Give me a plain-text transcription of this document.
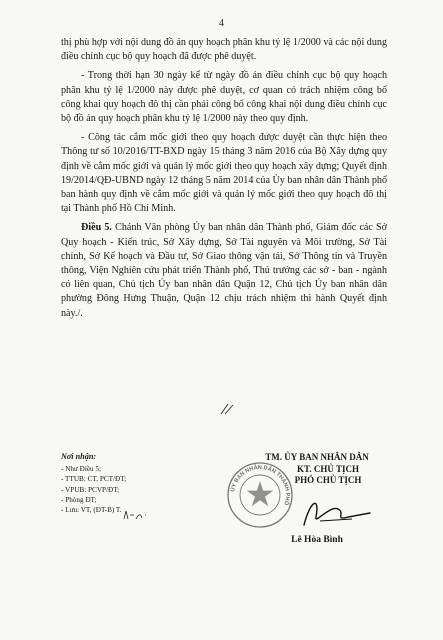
4

thị phù hợp với nội dung đồ án quy hoạch phân khu tỷ lệ 1/2000 và các nội dung điều chỉnh cục bộ quy hoạch đã được phê duyệt.

- Trong thời hạn 30 ngày kể từ ngày đồ án điều chỉnh cục bộ quy hoạch phân khu tỷ lệ 1/2000 này được phê duyệt, cơ quan có trách nhiệm công bố công khai quy hoạch đô thị cần phải công bố công khai nội dung điều chỉnh cục bộ đồ án quy hoạch phân khu tỷ lệ 1/2000 này theo quy định.

- Công tác cắm mốc giới theo quy hoạch được duyệt cần thực hiện theo Thông tư số 10/2016/TT-BXD ngày 15 tháng 3 năm 2016 của Bộ Xây dựng quy định về cắm mốc giới và quản lý mốc giới theo quy hoạch xây dựng; Quyết định 19/2014/QĐ-UBND ngày 12 tháng 5 năm 2014 của Ủy ban nhân dân Thành phố ban hành quy định về cắm mốc giới và quản lý mốc giới theo quy hoạch đô thị tại Thành phố Hồ Chí Minh.

Điều 5. Chánh Văn phòng Ủy ban nhân dân Thành phố, Giám đốc các Sở Quy hoạch - Kiến trúc, Sở Xây dựng, Sở Tài nguyên và Môi trường, Sở Tài chính, Sở Kế hoạch và Đầu tư, Sở Giao thông vận tải, Sở Thông tin và Truyền thông, Viện Nghiên cứu phát triển Thành phố, Thủ trưởng các sở - ban - ngành có liên quan, Chủ tịch Ủy ban nhân dân Quận 12, Chủ tịch Ủy ban nhân dân phường Đông Hưng Thuận, Quận 12 chịu trách nhiệm thi hành Quyết định này./.

Nơi nhận:
- Như Điều 5;
- TTUB: CT, PCT/ĐT;
- VPUB: PCVP/ĐT;
- Phòng ĐT;
- Lưu: VT, (ĐT-B) T.
TM. ỦY BAN NHÂN DÂN
KT. CHỦ TỊCH
PHÓ CHỦ TỊCH
ỦY BAN NHÂN DÂN THÀNH PHỐ
Lê Hòa Bình
